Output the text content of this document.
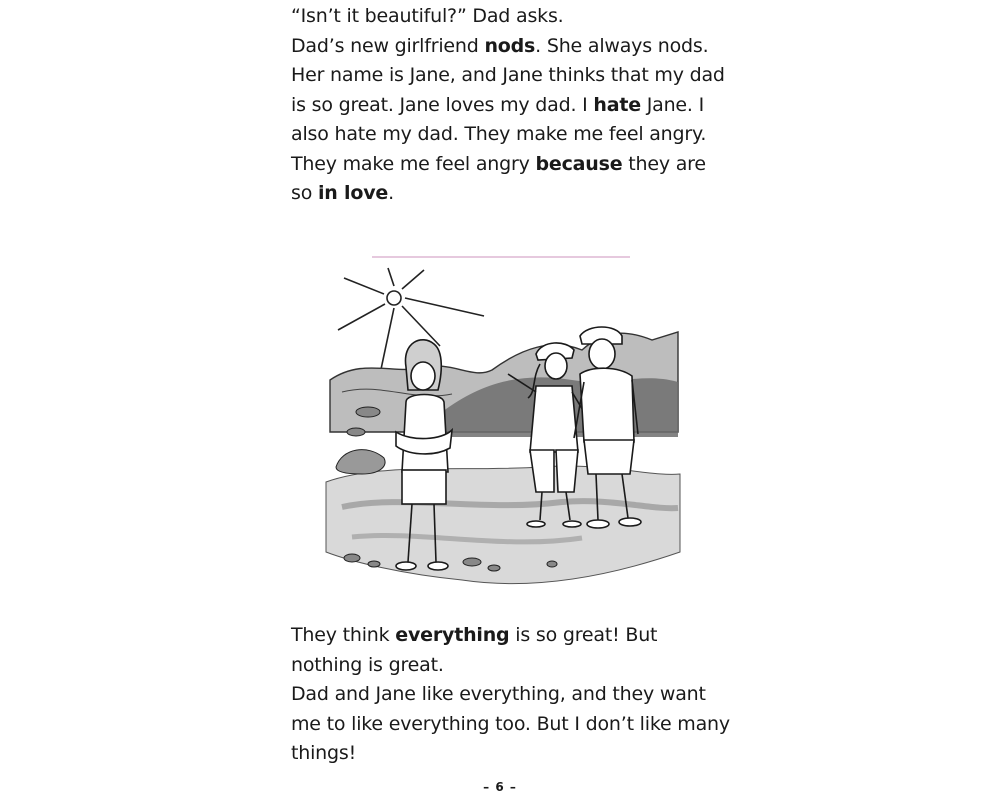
“Isn’t it beautiful?” Dad asks.

Dad’s new girlfriend nods. She always nods. Her name is Jane, and Jane thinks that my dad is so great. Jane loves my dad. I hate Jane. I also hate my dad. They make me feel angry.

They make me feel angry because they are so in love.

They think everything is so great! But nothing is great.

Dad and Jane like everything, and they want me to like everything too. But I don’t like many things!

– 6 –
